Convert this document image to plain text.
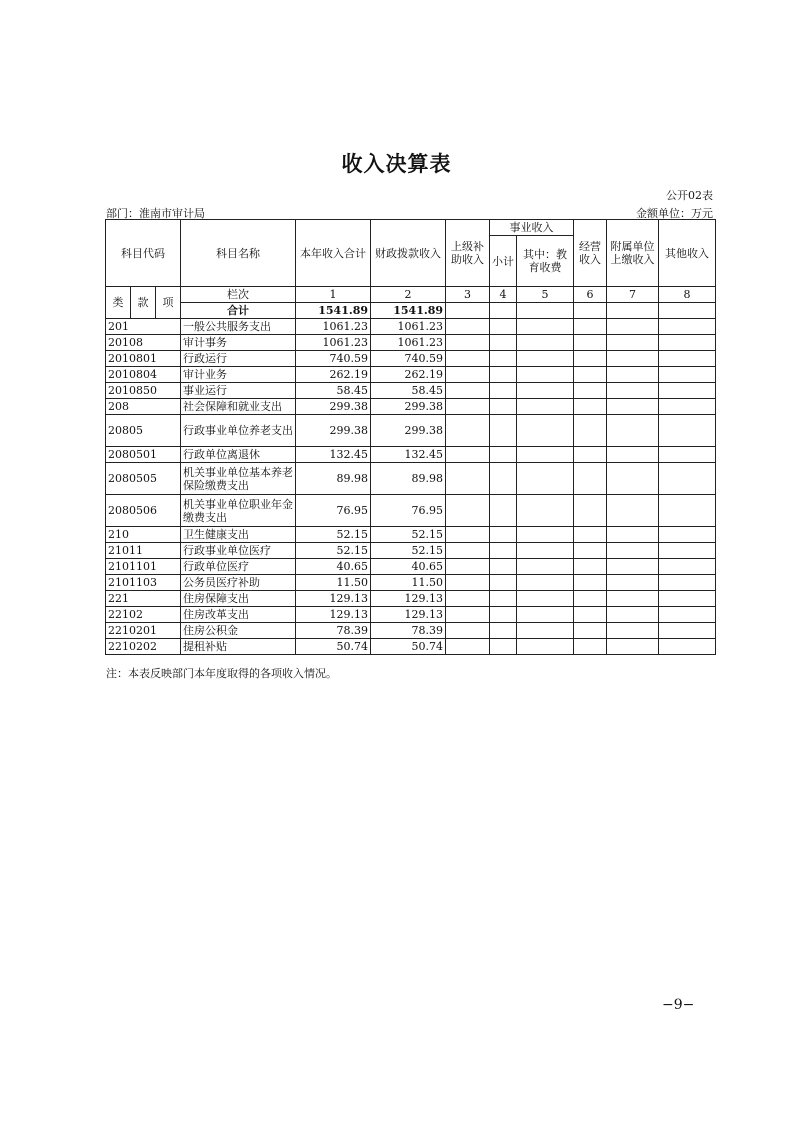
收入决算表
公开02表
部门：淮南市审计局	金额单位：万元
科目代码			科目名称	本年收入合计	财政拨款收入	上级补助收入	事业收入		经营收入	附属单位上缴收入	其他收入
							小计	其中：教育收费			
类	款	项	栏次	1	2	3	4	5	6	7	8
			合计	1541.89	1541.89						
201			一般公共服务支出	1061.23	1061.23						
20108			审计事务	1061.23	1061.23						
2010801			行政运行	740.59	740.59						
2010804			审计业务	262.19	262.19						
2010850			事业运行	58.45	58.45						
208			社会保障和就业支出	299.38	299.38						
20805			行政事业单位养老支出	299.38	299.38						
2080501			行政单位离退休	132.45	132.45						
2080505			机关事业单位基本养老保险缴费支出	89.98	89.98						
2080506			机关事业单位职业年金缴费支出	76.95	76.95						
210			卫生健康支出	52.15	52.15						
21011			行政事业单位医疗	52.15	52.15						
2101101			行政单位医疗	40.65	40.65						
2101103			公务员医疗补助	11.50	11.50						
221			住房保障支出	129.13	129.13						
22102			住房改革支出	129.13	129.13						
2210201			住房公积金	78.39	78.39						
2210202			提租补贴	50.74	50.74						
注：本表反映部门本年度取得的各项收入情况。
−9−
